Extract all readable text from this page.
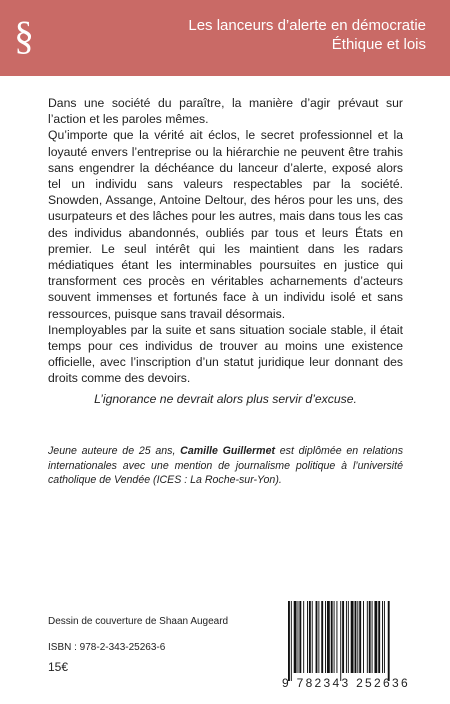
§	Les lanceurs d’alerte en démocratie
Éthique et lois

Dans une société du paraître, la manière d’agir prévaut sur l’action et les paroles mêmes.

Qu’importe que la vérité ait éclos, le secret professionnel et la loyauté envers l’entreprise ou la hiérarchie ne peuvent être trahis sans engendrer la déchéance du lanceur d’alerte, exposé alors tel un individu sans valeurs respectables par la société. Snowden, Assange, Antoine Deltour, des héros pour les uns, des usurpateurs et des lâches pour les autres, mais dans tous les cas des individus abandonnés, oubliés par tous et leurs États en premier. Le seul intérêt qui les maintient dans les radars médiatiques étant les interminables poursuites en justice qui transforment ces procès en véritables acharnements d’acteurs souvent immenses et fortunés face à un individu isolé et sans ressources, puisque sans travail désormais.

Inemployables par la suite et sans situation sociale stable, il était temps pour ces individus de trouver au moins une existence officielle, avec l’inscription d’un statut juridique leur donnant des droits comme des devoirs.

L’ignorance ne devrait alors plus servir d’excuse.
Jeune auteure de 25 ans, Camille Guillermet est diplômée en relations internationales avec une mention de journalisme politique à l’université catholique de Vendée (ICES : La Roche-sur-Yon).
Dessin de couverture de Shaan Augeard
ISBN : 978-2-343-25263-6
15€
9 782343 252636
